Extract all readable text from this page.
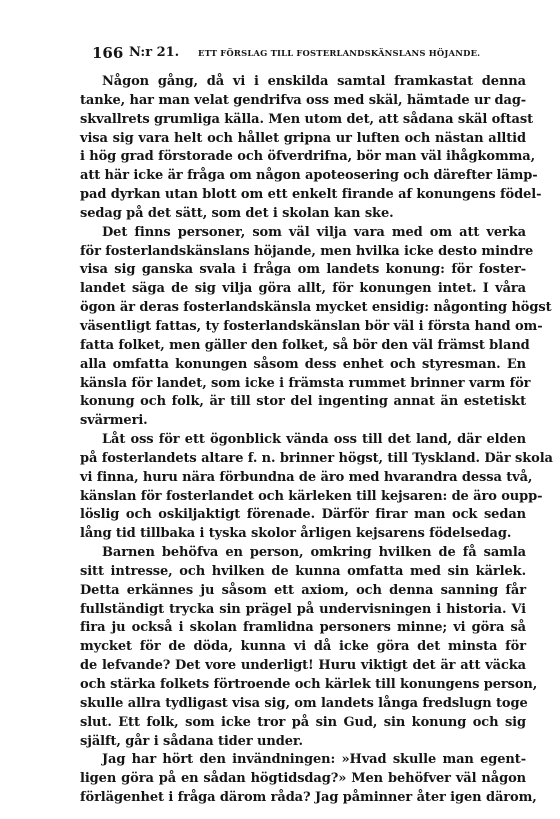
166 N:r 21. ETT FÖRSLAG TILL FOSTERLANDSKÄNSLANS HÖJANDE.
Någon gång, då vi i enskilda samtal framkastat denna
tanke, har man velat gendrifva oss med skäl, hämtade ur dag-
skvallrets grumliga källa. Men utom det, att sådana skäl oftast
visa sig vara helt och hållet gripna ur luften och nästan alltid
i hög grad förstorade och öfverdrifna, bör man väl ihågkomma,
att här icke är fråga om någon apoteosering och därefter lämp-
pad dyrkan utan blott om ett enkelt firande af konungens födel-
sedag på det sätt, som det i skolan kan ske.
Det finns personer, som väl vilja vara med om att verka
för fosterlandskänslans höjande, men hvilka icke desto mindre
visa sig ganska svala i fråga om landets konung: för foster-
landet säga de sig vilja göra allt, för konungen intet. I våra
ögon är deras fosterlandskänsla mycket ensidig: någonting högst
väsentligt fattas, ty fosterlandskänslan bör väl i första hand om-
fatta folket, men gäller den folket, så bör den väl främst bland
alla omfatta konungen såsom dess enhet och styresman. En
känsla för landet, som icke i främsta rummet brinner varm för
konung och folk, är till stor del ingenting annat än estetiskt
svärmeri.
Låt oss för ett ögonblick vända oss till det land, där elden
på fosterlandets altare f. n. brinner högst, till Tyskland. Där skola
vi finna, huru nära förbundna de äro med hvarandra dessa två,
känslan för fosterlandet och kärleken till kejsaren: de äro oupp-
löslig och oskiljaktigt förenade. Därför firar man ock sedan
lång tid tillbaka i tyska skolor årligen kejsarens födelsedag.
Barnen behöfva en person, omkring hvilken de få samla
sitt intresse, och hvilken de kunna omfatta med sin kärlek.
Detta erkännes ju såsom ett axiom, och denna sanning får
fullständigt trycka sin prägel på undervisningen i historia. Vi
fira ju också i skolan framlidna personers minne; vi göra så
mycket för de döda, kunna vi då icke göra det minsta för
de lefvande? Det vore underligt! Huru viktigt det är att väcka
och stärka folkets förtroende och kärlek till konungens person,
skulle allra tydligast visa sig, om landets långa fredslugn toge
slut. Ett folk, som icke tror på sin Gud, sin konung och sig
själft, går i sådana tider under.
Jag har hört den invändningen: »Hvad skulle man egent-
ligen göra på en sådan högtidsdag?» Men behöfver väl någon
förlägenhet i fråga därom råda? Jag påminner åter igen därom,
